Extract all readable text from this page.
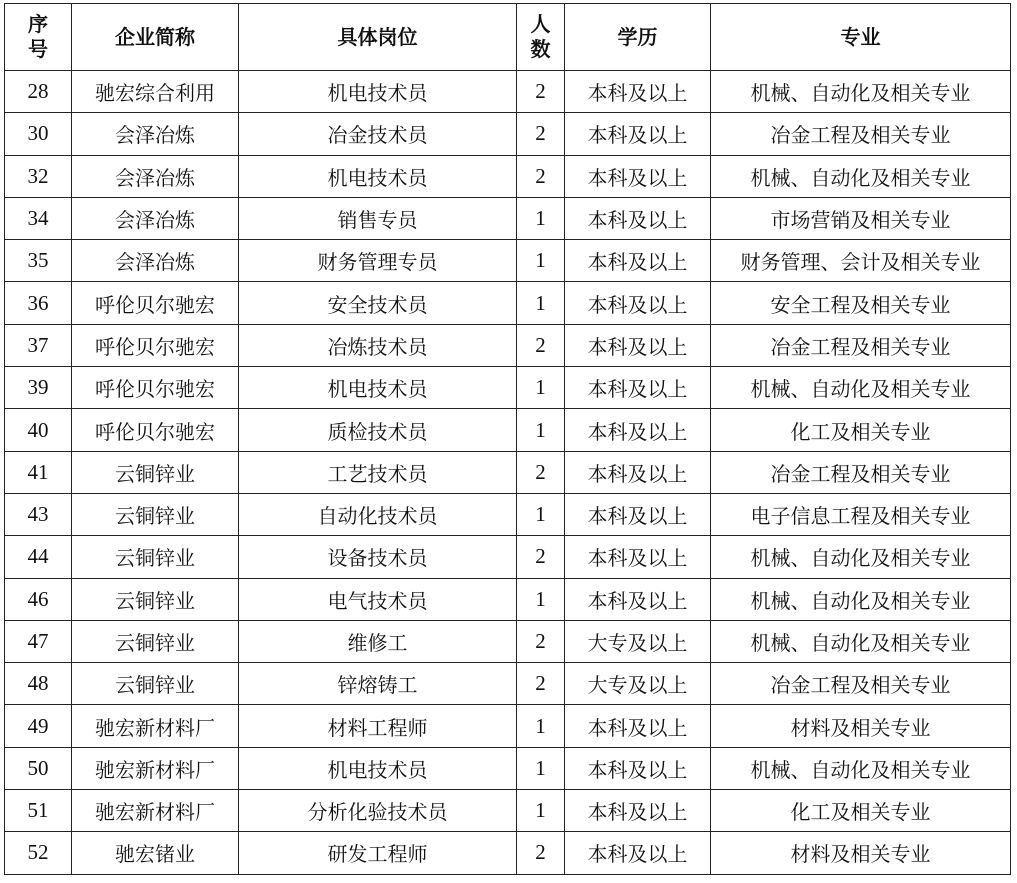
序号	企业简称	具体岗位	人数	学历	专业
28	驰宏综合利用	机电技术员	2	本科及以上	机械、自动化及相关专业
30	会泽冶炼	冶金技术员	2	本科及以上	冶金工程及相关专业
32	会泽冶炼	机电技术员	2	本科及以上	机械、自动化及相关专业
34	会泽冶炼	销售专员	1	本科及以上	市场营销及相关专业
35	会泽冶炼	财务管理专员	1	本科及以上	财务管理、会计及相关专业
36	呼伦贝尔驰宏	安全技术员	1	本科及以上	安全工程及相关专业
37	呼伦贝尔驰宏	冶炼技术员	2	本科及以上	冶金工程及相关专业
39	呼伦贝尔驰宏	机电技术员	1	本科及以上	机械、自动化及相关专业
40	呼伦贝尔驰宏	质检技术员	1	本科及以上	化工及相关专业
41	云铜锌业	工艺技术员	2	本科及以上	冶金工程及相关专业
43	云铜锌业	自动化技术员	1	本科及以上	电子信息工程及相关专业
44	云铜锌业	设备技术员	2	本科及以上	机械、自动化及相关专业
46	云铜锌业	电气技术员	1	本科及以上	机械、自动化及相关专业
47	云铜锌业	维修工	2	大专及以上	机械、自动化及相关专业
48	云铜锌业	锌熔铸工	2	大专及以上	冶金工程及相关专业
49	驰宏新材料厂	材料工程师	1	本科及以上	材料及相关专业
50	驰宏新材料厂	机电技术员	1	本科及以上	机械、自动化及相关专业
51	驰宏新材料厂	分析化验技术员	1	本科及以上	化工及相关专业
52	驰宏锗业	研发工程师	2	本科及以上	材料及相关专业
